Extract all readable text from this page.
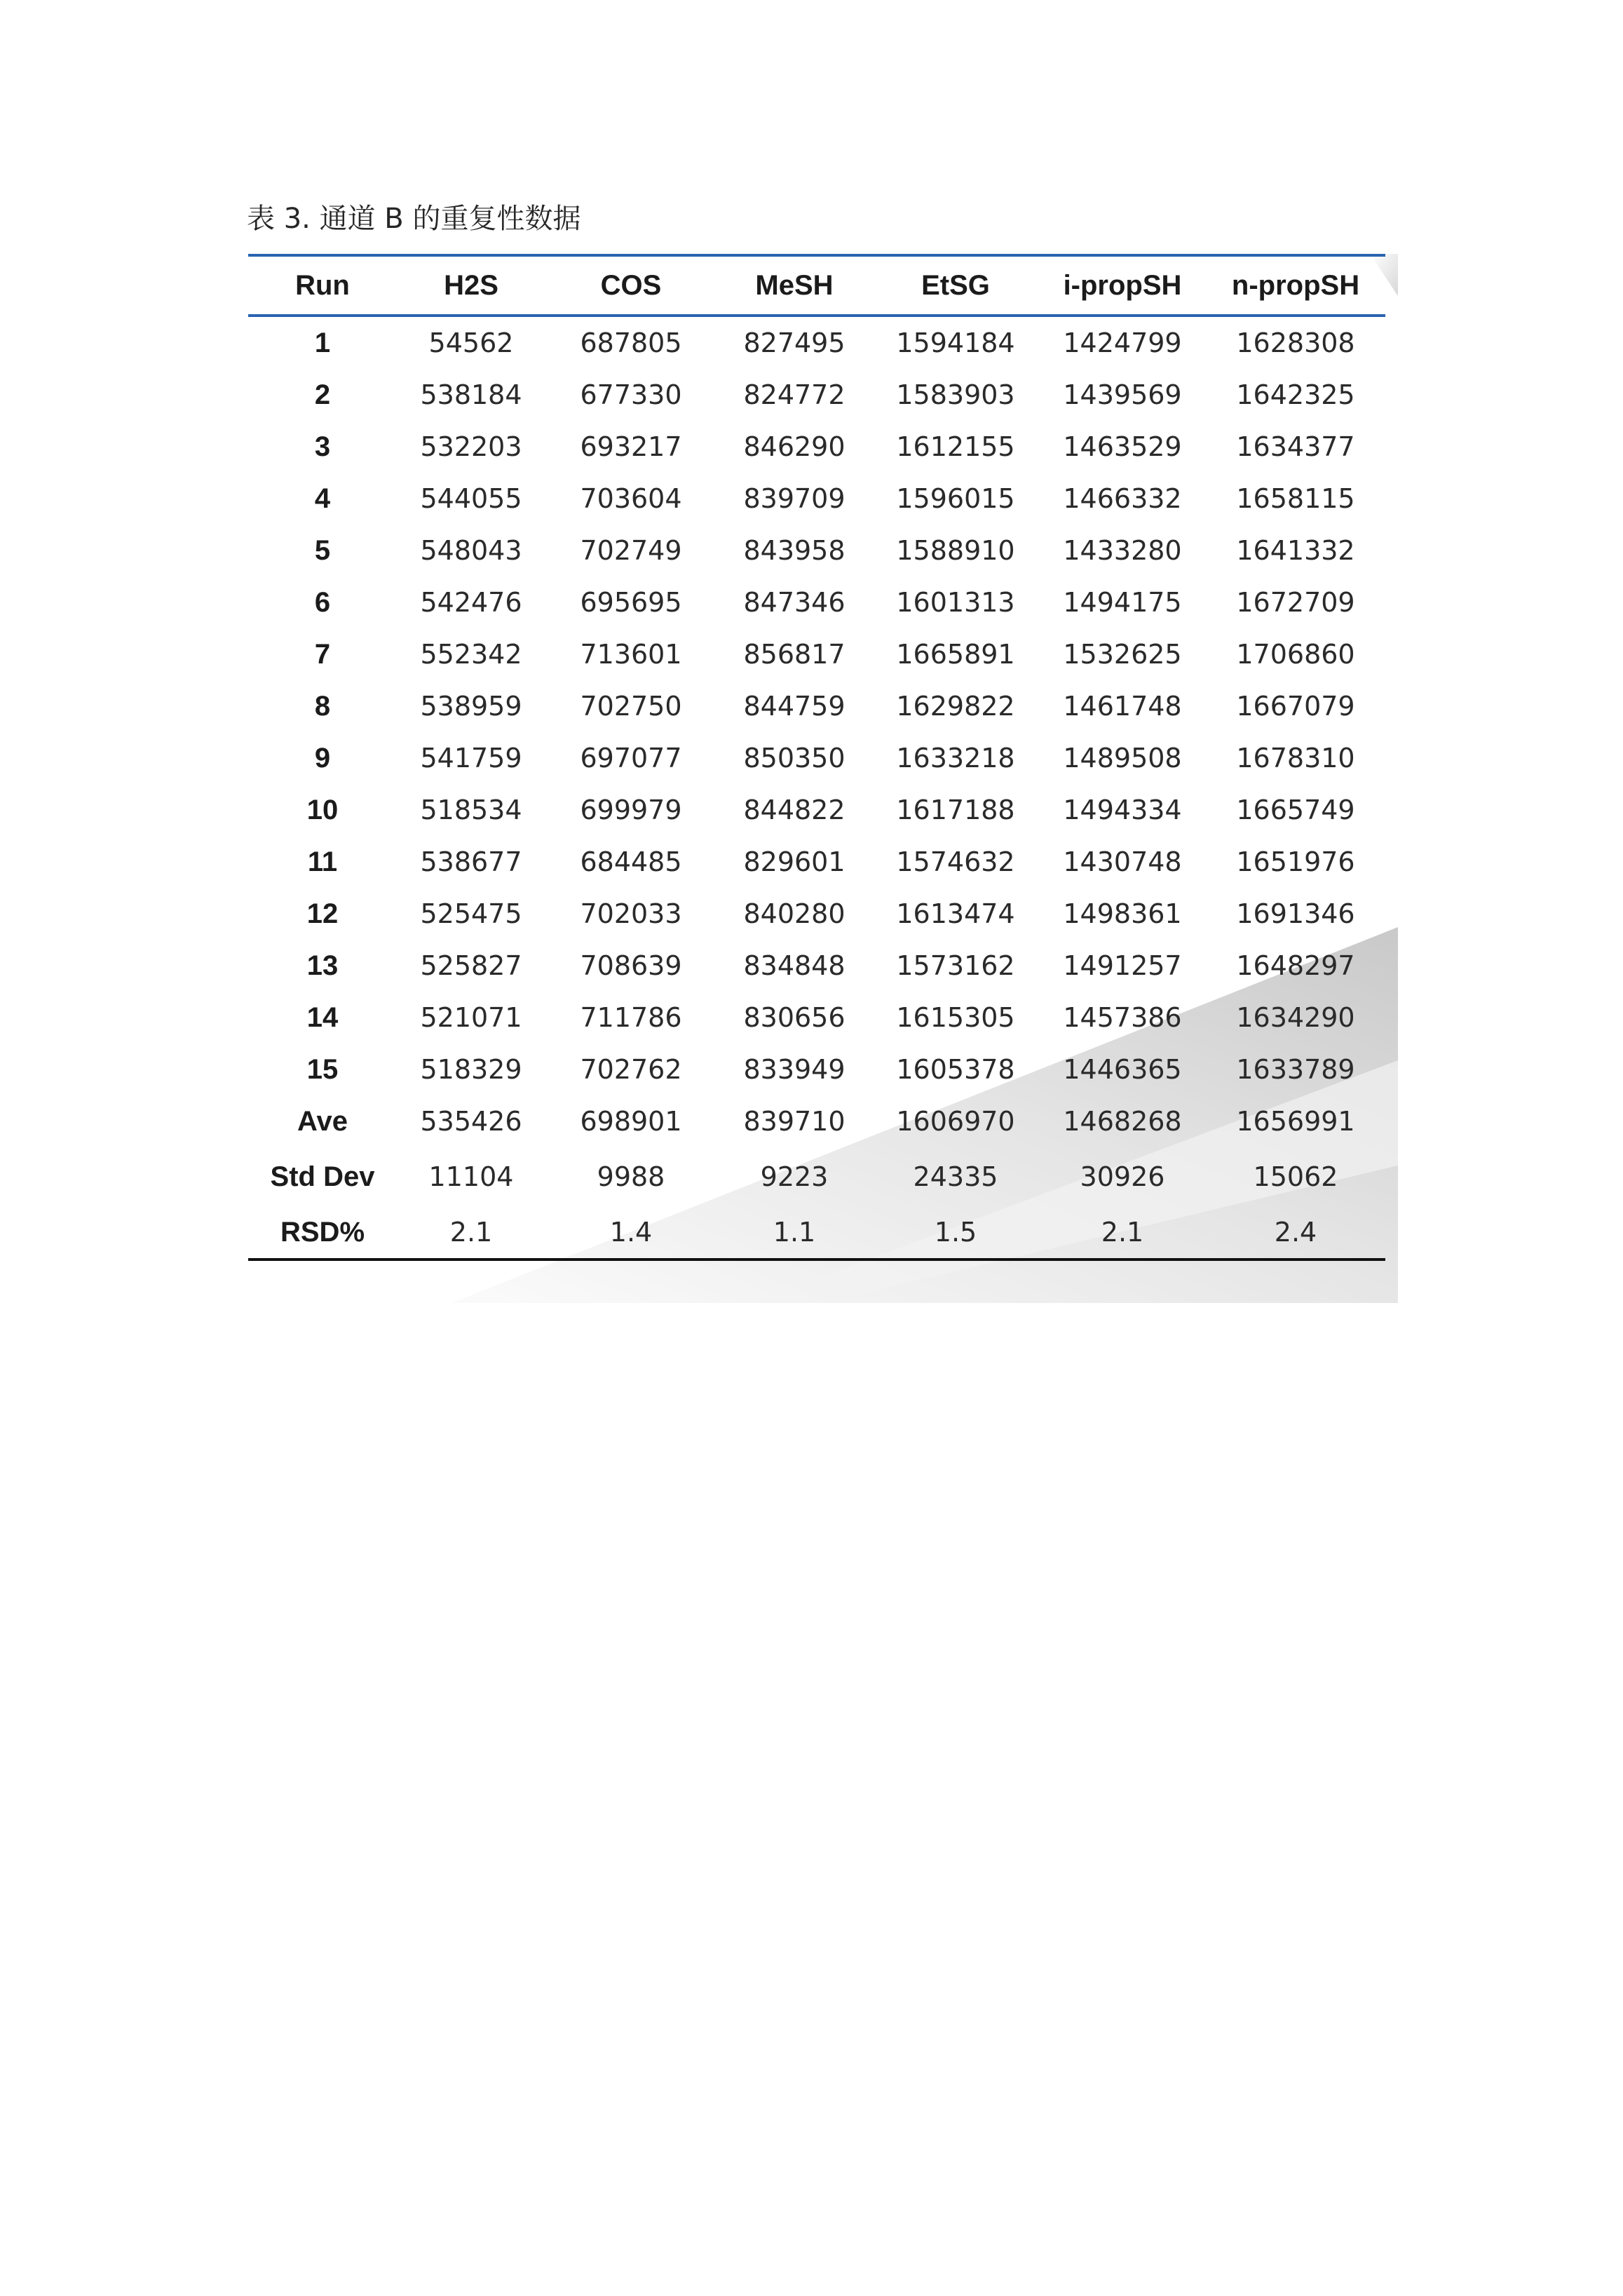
表 3. 通道 B 的重复性数据
Run	H2S	COS	MeSH	EtSG	i-propSH	n-propSH
1	54562	687805	827495	1594184	1424799	1628308
2	538184	677330	824772	1583903	1439569	1642325
3	532203	693217	846290	1612155	1463529	1634377
4	544055	703604	839709	1596015	1466332	1658115
5	548043	702749	843958	1588910	1433280	1641332
6	542476	695695	847346	1601313	1494175	1672709
7	552342	713601	856817	1665891	1532625	1706860
8	538959	702750	844759	1629822	1461748	1667079
9	541759	697077	850350	1633218	1489508	1678310
10	518534	699979	844822	1617188	1494334	1665749
11	538677	684485	829601	1574632	1430748	1651976
12	525475	702033	840280	1613474	1498361	1691346
13	525827	708639	834848	1573162	1491257	1648297
14	521071	711786	830656	1615305	1457386	1634290
15	518329	702762	833949	1605378	1446365	1633789
Ave	535426	698901	839710	1606970	1468268	1656991
Std Dev	11104	9988	9223	24335	30926	15062
RSD%	2.1	1.4	1.1	1.5	2.1	2.4
